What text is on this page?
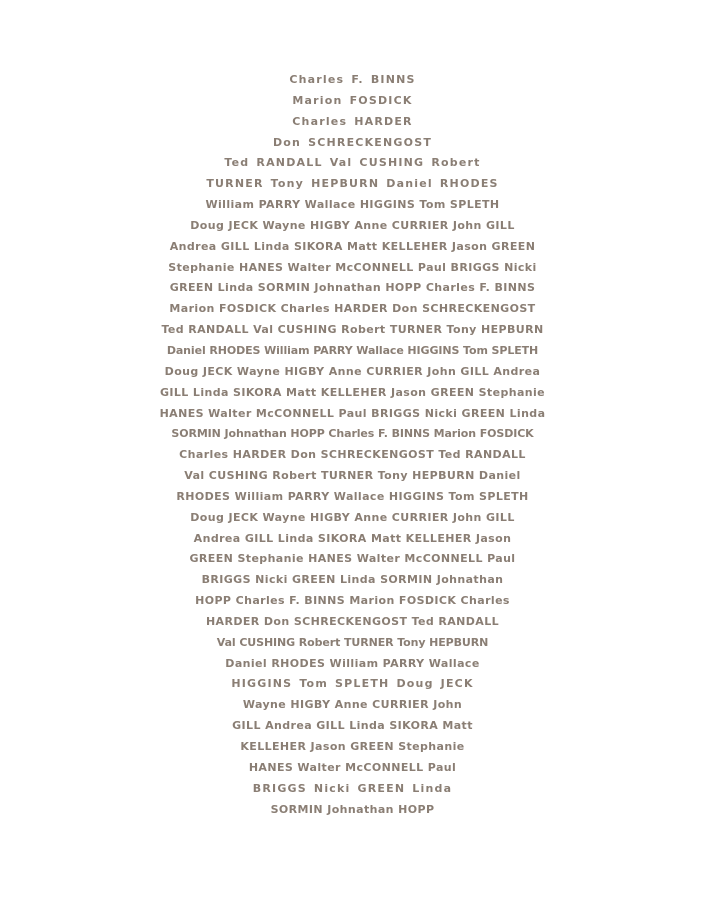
Charles F. BINNS
Marion FOSDICK
Charles HARDER
Don SCHRECKENGOST
Ted RANDALL Val CUSHING Robert
TURNER Tony HEPBURN Daniel RHODES
William PARRY Wallace HIGGINS Tom SPLETH
Doug JECK Wayne HIGBY Anne CURRIER John GILL
Andrea GILL Linda SIKORA Matt KELLEHER Jason GREEN
Stephanie HANES Walter McCONNELL Paul BRIGGS Nicki
GREEN Linda SORMIN Johnathan HOPP Charles F. BINNS
Marion FOSDICK Charles HARDER Don SCHRECKENGOST
Ted RANDALL Val CUSHING Robert TURNER Tony HEPBURN
Daniel RHODES William PARRY Wallace HIGGINS Tom SPLETH
Doug JECK Wayne HIGBY Anne CURRIER John GILL Andrea
GILL Linda SIKORA Matt KELLEHER Jason GREEN Stephanie
HANES Walter McCONNELL Paul BRIGGS Nicki GREEN Linda
SORMIN Johnathan HOPP Charles F. BINNS Marion FOSDICK
Charles HARDER Don SCHRECKENGOST Ted RANDALL
Val CUSHING Robert TURNER Tony HEPBURN Daniel
RHODES William PARRY Wallace HIGGINS Tom SPLETH
Doug JECK Wayne HIGBY Anne CURRIER John GILL
Andrea GILL Linda SIKORA Matt KELLEHER Jason
GREEN Stephanie HANES Walter McCONNELL Paul
BRIGGS Nicki GREEN Linda SORMIN Johnathan
HOPP Charles F. BINNS Marion FOSDICK Charles
HARDER Don SCHRECKENGOST Ted RANDALL
Val CUSHING Robert TURNER Tony HEPBURN
Daniel RHODES William PARRY Wallace
HIGGINS Tom SPLETH Doug JECK
Wayne HIGBY Anne CURRIER John
GILL Andrea GILL Linda SIKORA Matt
KELLEHER Jason GREEN Stephanie
HANES Walter McCONNELL Paul
BRIGGS Nicki GREEN Linda
SORMIN Johnathan HOPP
